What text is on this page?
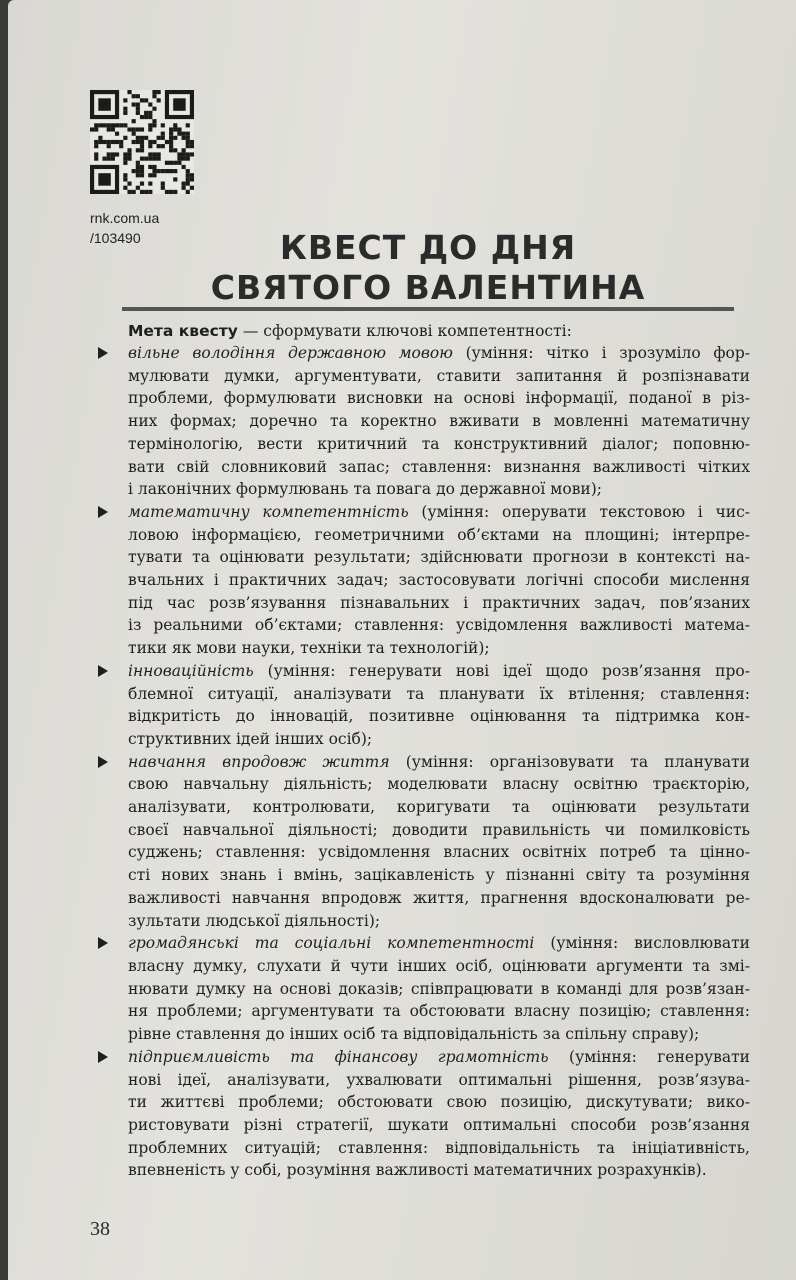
rnk.com.ua
/103490	КВЕСТ ДО ДНЯ
СВЯТОГО ВАЛЕНТИНА

Мета квесту — сформувати ключові компетентності:

вільне володіння державною мовою (уміння: чітко і зрозуміло фор-
мулювати думки, аргументувати, ставити запитання й розпізнавати
проблеми, формулювати висновки на основі інформації, поданої в різ-
них формах; доречно та коректно вживати в мовленні математичну
термінологію, вести критичний та конструктивний діалог; поповню-
вати свій словниковий запас; ставлення: визнання важливості чітких
і лаконічних формулювань та повага до державної мови);
математичну компетентність (уміння: оперувати текстовою і чис-
ловою інформацією, геометричними об’єктами на площині; інтерпре-
тувати та оцінювати результати; здійснювати прогнози в контексті на-
вчальних і практичних задач; застосовувати логічні способи мислення
під час розв’язування пізнавальних і практичних задач, пов’язаних
із реальними об’єктами; ставлення: усвідомлення важливості матема-
тики як мови науки, техніки та технологій);
інноваційність (уміння: генерувати нові ідеї щодо розв’язання про-
блемної ситуації, аналізувати та планувати їх втілення; ставлення:
відкритість до інновацій, позитивне оцінювання та підтримка кон-
структивних ідей інших осіб);
навчання впродовж життя (уміння: організовувати та планувати
свою навчальну діяльність; моделювати власну освітню траєкторію,
аналізувати, контролювати, коригувати та оцінювати результати
своєї навчальної діяльності; доводити правильність чи помилковість
суджень; ставлення: усвідомлення власних освітніх потреб та цінно-
сті нових знань і вмінь, зацікавленість у пізнанні світу та розуміння
важливості навчання впродовж життя, прагнення вдосконалювати ре-
зультати людської діяльності);
громадянські та соціальні компетентності (уміння: висловлювати
власну думку, слухати й чути інших осіб, оцінювати аргументи та змі-
нювати думку на основі доказів; співпрацювати в команді для розв’язан-
ня проблеми; аргументувати та обстоювати власну позицію; ставлення:
рівне ставлення до інших осіб та відповідальність за спільну справу);
підприємливість та фінансову грамотність (уміння: генерувати
нові ідеї, аналізувати, ухвалювати оптимальні рішення, розв’язува-
ти життєві проблеми; обстоювати свою позицію, дискутувати; вико-
ристовувати різні стратегії, шукати оптимальні способи розв’язання
проблемних ситуацій; ставлення: відповідальність та ініціативність,
впевненість у собі, розуміння важливості математичних розрахунків).
38
